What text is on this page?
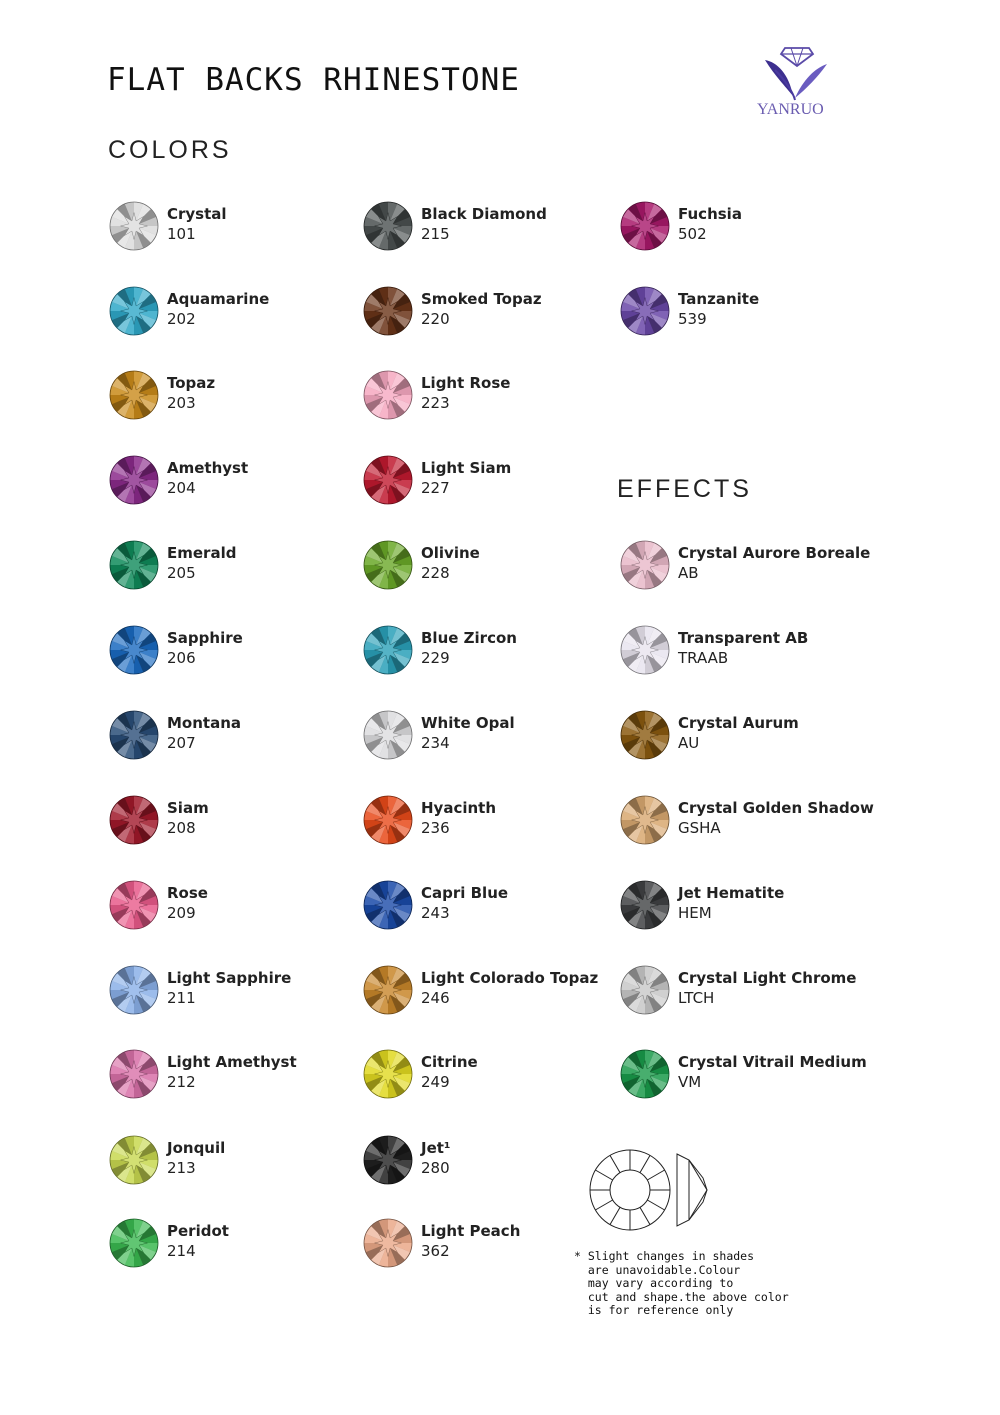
FLAT BACKS RHINESTONE
YANRUO
COLORS
EFFECTS
Crystal
101
Aquamarine
202
Topaz
203
Amethyst
204
Emerald
205
Sapphire
206
Montana
207
Siam
208
Rose
209
Light Sapphire
211
Light Amethyst
212
Jonquil
213
Peridot
214
Black Diamond
215
Smoked Topaz
220
Light Rose
223
Light Siam
227
Olivine
228
Blue Zircon
229
White Opal
234
Hyacinth
236
Capri Blue
243
Light Colorado Topaz
246
Citrine
249
Jet¹
280
Light Peach
362
Fuchsia
502
Tanzanite
539
Crystal Aurore Boreale
AB
Transparent AB
TRAAB
Crystal Aurum
AU
Crystal Golden Shadow
GSHA
Jet Hematite
HEM
Crystal Light Chrome
LTCH
Crystal Vitrail Medium
VM
* Slight changes in shades
are unavoidable.Colour
may vary according to
cut and shape.the above color
is for reference only
